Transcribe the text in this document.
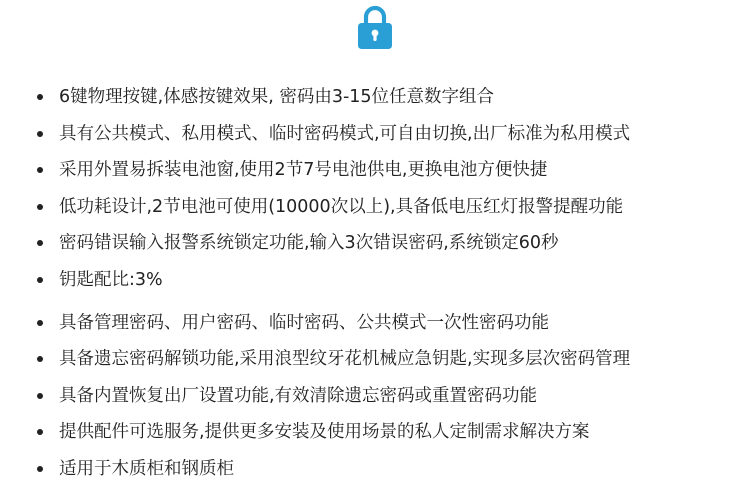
6键物理按键,体感按键效果, 密码由3-15位任意数字组合
具有公共模式、私用模式、临时密码模式,可自由切换,出厂标准为私用模式
采用外置易拆装电池窗,使用2节7号电池供电,更换电池方便快捷
低功耗设计,2节电池可使用(10000次以上),具备低电压红灯报警提醒功能
密码错误输入报警系统锁定功能,输入3次错误密码,系统锁定60秒
钥匙配比:3%
具备管理密码、用户密码、临时密码、公共模式一次性密码功能
具备遗忘密码解锁功能,采用浪型纹牙花机械应急钥匙,实现多层次密码管理
具备内置恢复出厂设置功能,有效清除遗忘密码或重置密码功能
提供配件可选服务,提供更多安装及使用场景的私人定制需求解决方案
适用于木质柜和钢质柜
